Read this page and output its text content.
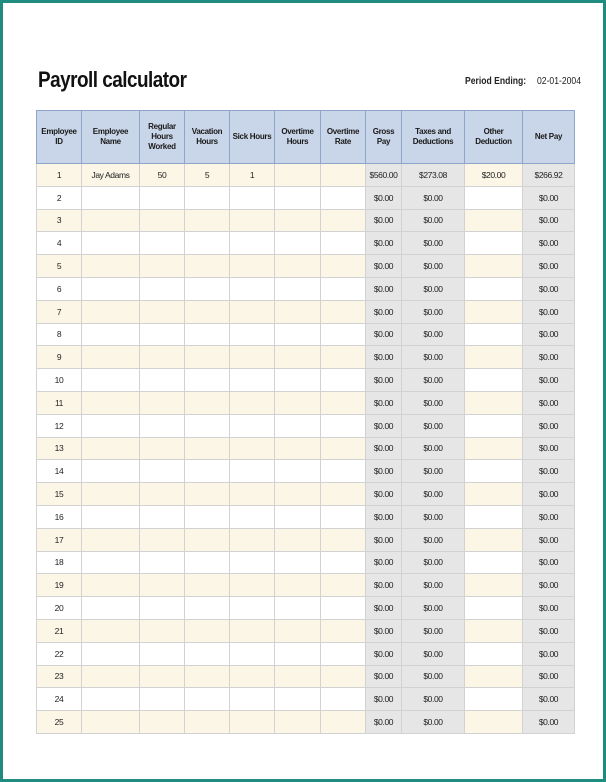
Payroll calculator	Period Ending: 02-01-2004
Employee ID	Employee Name	Regular Hours Worked	Vacation Hours	Sick Hours	Overtime Hours	Overtime Rate	Gross Pay	Taxes and Deductions	Other Deduction	Net Pay
1	Jay Adams	50	5	1			$560.00	$273.08	$20.00	$266.92
2							$0.00	$0.00		$0.00
3							$0.00	$0.00		$0.00
4							$0.00	$0.00		$0.00
5							$0.00	$0.00		$0.00
6							$0.00	$0.00		$0.00
7							$0.00	$0.00		$0.00
8							$0.00	$0.00		$0.00
9							$0.00	$0.00		$0.00
10							$0.00	$0.00		$0.00
11							$0.00	$0.00		$0.00
12							$0.00	$0.00		$0.00
13							$0.00	$0.00		$0.00
14							$0.00	$0.00		$0.00
15							$0.00	$0.00		$0.00
16							$0.00	$0.00		$0.00
17							$0.00	$0.00		$0.00
18							$0.00	$0.00		$0.00
19							$0.00	$0.00		$0.00
20							$0.00	$0.00		$0.00
21							$0.00	$0.00		$0.00
22							$0.00	$0.00		$0.00
23							$0.00	$0.00		$0.00
24							$0.00	$0.00		$0.00
25							$0.00	$0.00		$0.00
